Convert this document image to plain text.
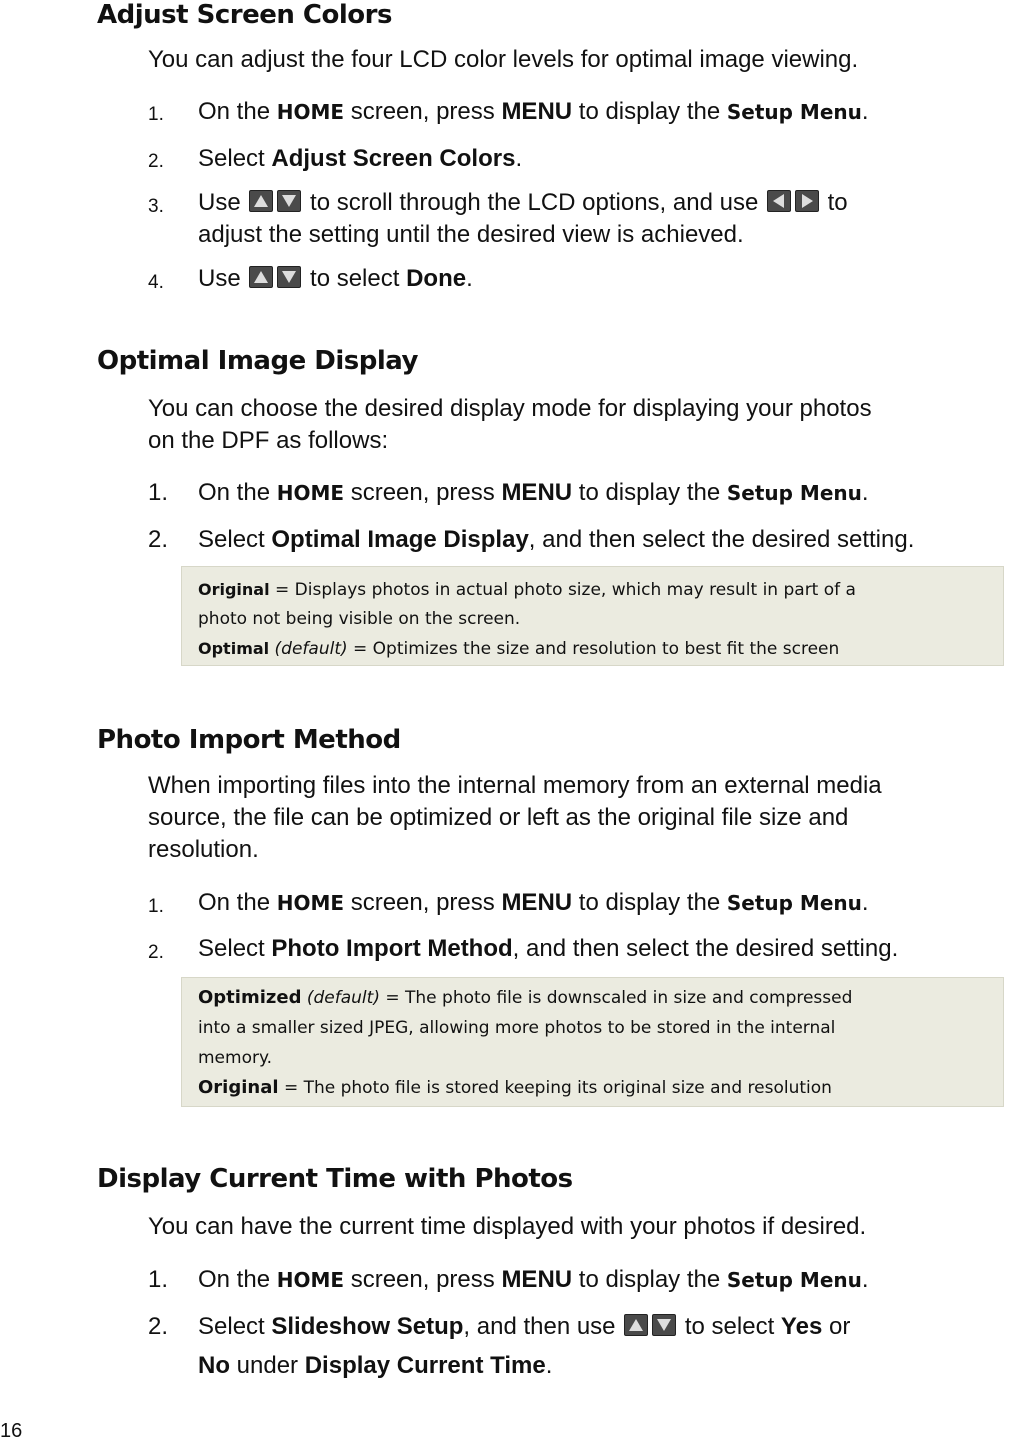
Adjust Screen Colors
You can adjust the four LCD color levels for optimal image viewing.
1. On the HOME screen, press MENU to display the Setup Menu.
2. Select Adjust Screen Colors.
3. Use
to scroll through the LCD options, and use
to
adjust the setting until the desired view is achieved.
4. Use
to select Done.
Optimal Image Display
You can choose the desired display mode for displaying your photos
on the DPF as follows:
1. On the HOME screen, press MENU to display the Setup Menu.
2. Select Optimal Image Display, and then select the desired setting.
Original = Displays photos in actual photo size, which may result in part of a
photo not being visible on the screen.
Optimal (default) = Optimizes the size and resolution to best fit the screen
Photo Import Method
When importing files into the internal memory from an external media
source, the file can be optimized or left as the original file size and
resolution.
1. On the HOME screen, press MENU to display the Setup Menu.
2. Select Photo Import Method, and then select the desired setting.
Optimized (default) = The photo file is downscaled in size and compressed
into a smaller sized JPEG, allowing more photos to be stored in the internal
memory.
Original = The photo file is stored keeping its original size and resolution
Display Current Time with Photos
You can have the current time displayed with your photos if desired.
1. On the HOME screen, press MENU to display the Setup Menu.
2. Select Slideshow Setup, and then use
to select Yes or
No under Display Current Time.
16
